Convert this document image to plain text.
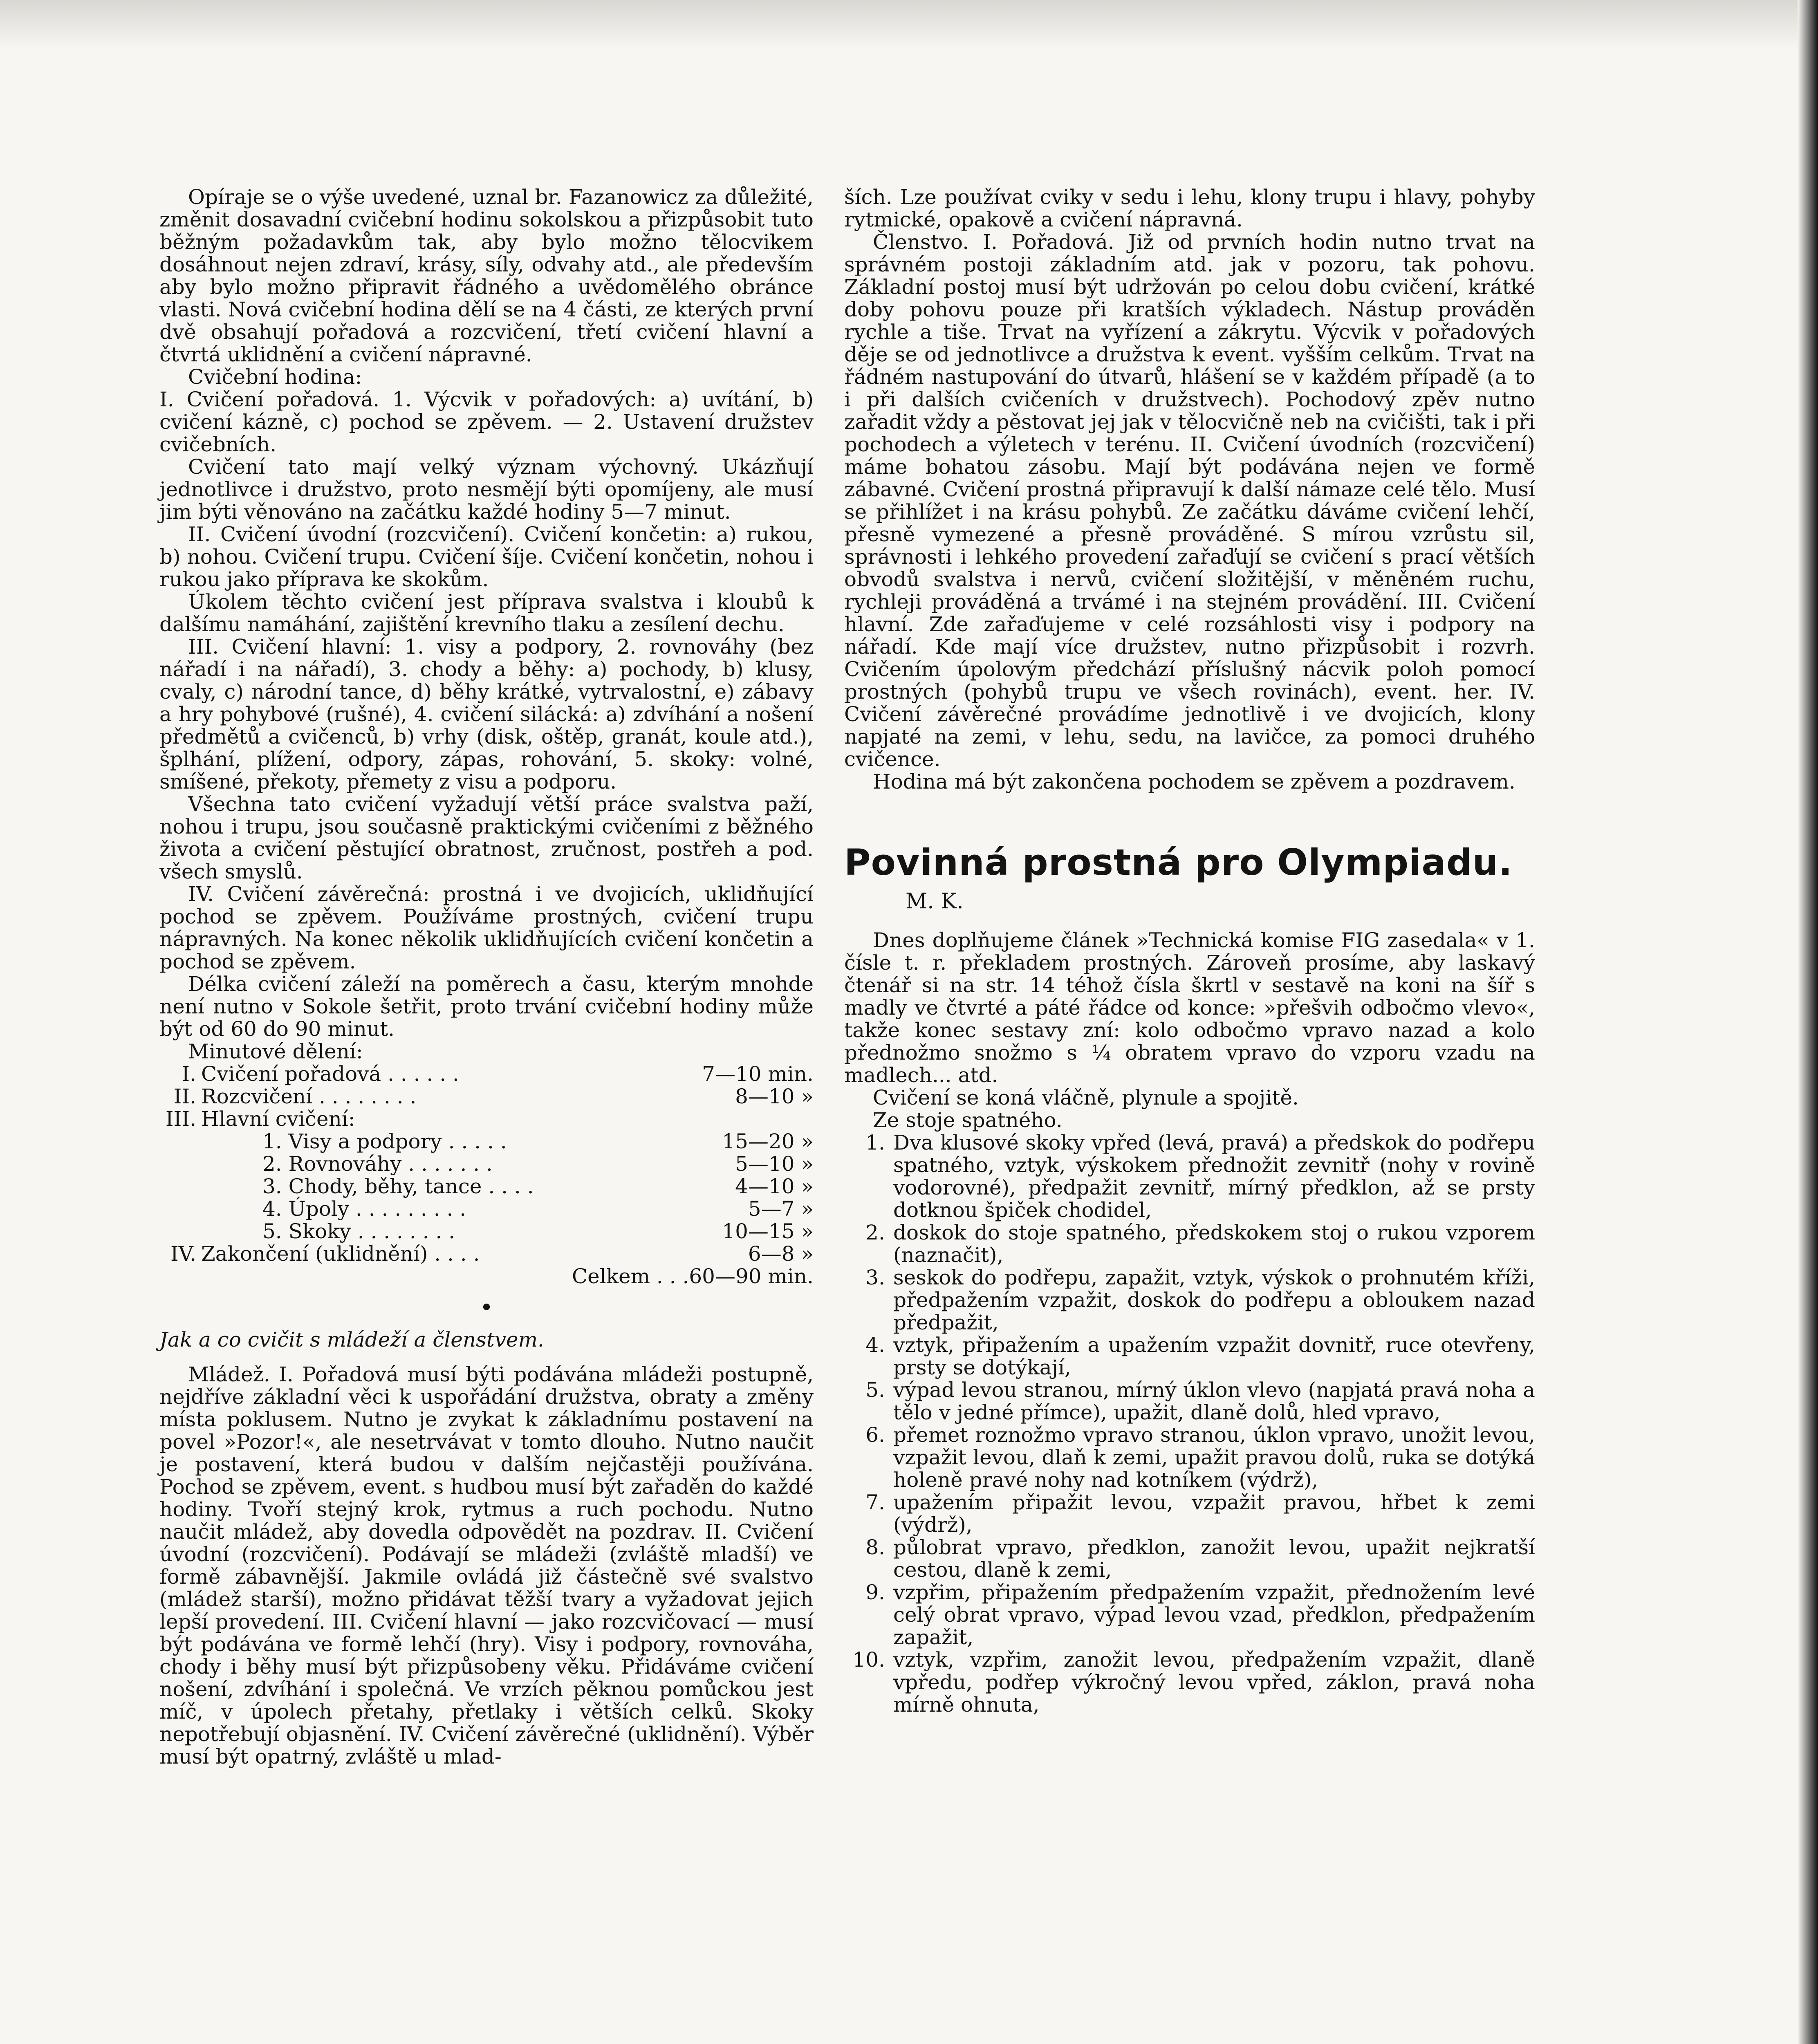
Opíraje se o výše uvedené, uznal br. Fazanowicz za důležité, změnit dosavadní cvičební hodinu sokolskou a přizpůsobit tuto běžným požadavkům tak, aby bylo možno tělocvikem dosáhnout nejen zdraví, krásy, síly, odvahy atd., ale především aby bylo možno připravit řádného a uvědomělého obránce vlasti. Nová cvičební hodina dělí se na 4 části, ze kterých první dvě obsahují pořadová a rozcvičení, třetí cvičení hlavní a čtvrtá uklidnění a cvičení nápravné.

Cvičební hodina:

I. Cvičení pořadová. 1. Výcvik v pořadových: a) uvítání, b) cvičení kázně, c) pochod se zpěvem. — 2. Ustavení družstev cvičebních.

Cvičení tato mají velký význam výchovný. Ukázňují jednotlivce i družstvo, proto nesmějí býti opomíjeny, ale musí jim býti věnováno na začátku každé hodiny 5—7 minut.

II. Cvičení úvodní (rozcvičení). Cvičení končetin: a) rukou, b) nohou. Cvičení trupu. Cvičení šíje. Cvičení končetin, nohou i rukou jako příprava ke skokům.

Úkolem těchto cvičení jest příprava svalstva i kloubů k dalšímu namáhání, zajištění krevního tlaku a zesílení dechu.

III. Cvičení hlavní: 1. visy a podpory, 2. rovnováhy (bez nářadí i na nářadí), 3. chody a běhy: a) pochody, b) klusy, cvaly, c) národní tance, d) běhy krátké, vytrvalostní, e) zábavy a hry pohybové (rušné), 4. cvičení silácká: a) zdvíhání a nošení předmětů a cvičenců, b) vrhy (disk, oštěp, granát, koule atd.), šplhání, plížení, odpory, zápas, rohování, 5. skoky: volné, smíšené, překoty, přemety z visu a podporu.

Všechna tato cvičení vyžadují větší práce svalstva paží, nohou i trupu, jsou současně praktickými cvičeními z běžného života a cvičení pěstující obratnost, zručnost, postřeh a pod. všech smyslů.

IV. Cvičení závěrečná: prostná i ve dvojicích, uklidňující pochod se zpěvem. Používáme prostných, cvičení trupu nápravných. Na konec několik uklidňujících cvičení končetin a pochod se zpěvem.

Délka cvičení záleží na poměrech a času, kterým mnohde není nutno v Sokole šetřit, proto trvání cvičební hodiny může být od 60 do 90 minut.

Minutové dělení:

I.	Cvičení pořadová . . . . . .	7—10 min.
II.	Rozcvičení . . . . . . . .	8—10 »
III.	Hlavní cvičení:	
	1. Visy a podpory . . . . .	15—20 »
	2. Rovnováhy . . . . . . .	5—10 »
	3. Chody, běhy, tance . . . .	4—10 »
	4. Úpoly . . . . . . . . .	5—7 »
	5. Skoky . . . . . . . .	10—15 »
IV.	Zakončení (uklidnění) . . . .	6—8 »
	Celkem . . .	60—90 min.
•

Jak a co cvičit s mládeží a členstvem.

Mládež. I. Pořadová musí býti podávána mládeži postupně, nejdříve základní věci k uspořádání družstva, obraty a změny místa poklusem. Nutno je zvykat k základnímu postavení na povel »Pozor!«, ale nesetrvávat v tomto dlouho. Nutno naučit je postavení, která budou v dalším nejčastěji používána. Pochod se zpěvem, event. s hudbou musí být zařaděn do každé hodiny. Tvoří stejný krok, rytmus a ruch pochodu. Nutno naučit mládež, aby dovedla odpovědět na pozdrav. II. Cvičení úvodní (rozcvičení). Podávají se mládeži (zvláště mladší) ve formě zábavnější. Jakmile ovládá již částečně své svalstvo (mládež starší), možno přidávat těžší tvary a vyžadovat jejich lepší provedení. III. Cvičení hlavní — jako rozcvičovací — musí být podávána ve formě lehčí (hry). Visy i podpory, rovnováha, chody i běhy musí být přizpůsobeny věku. Přidáváme cvičení nošení, zdvíhání i společná. Ve vrzích pěknou pomůckou jest míč, v úpolech přetahy, přetlaky i větších celků. Skoky nepotřebují objasnění. IV. Cvičení závěrečné (uklidnění). Výběr musí být opatrný, zvláště u mlad-

ších. Lze používat cviky v sedu i lehu, klony trupu i hlavy, pohyby rytmické, opakově a cvičení nápravná.

Členstvo. I. Pořadová. Již od prvních hodin nutno trvat na správném postoji základním atd. jak v pozoru, tak pohovu. Základní postoj musí být udržován po celou dobu cvičení, krátké doby pohovu pouze při kratších výkladech. Nástup prováděn rychle a tiše. Trvat na vyřízení a zákrytu. Výcvik v pořadových děje se od jednotlivce a družstva k event. vyšším celkům. Trvat na řádném nastupování do útvarů, hlášení se v každém případě (a to i při dalších cvičeních v družstvech). Pochodový zpěv nutno zařadit vždy a pěstovat jej jak v tělocvičně neb na cvičišti, tak i při pochodech a výletech v terénu. II. Cvičení úvodních (rozcvičení) máme bohatou zásobu. Mají být podávána nejen ve formě zábavné. Cvičení prostná připravují k další námaze celé tělo. Musí se přihlížet i na krásu pohybů. Ze začátku dáváme cvičení lehčí, přesně vymezené a přesně prováděné. S mírou vzrůstu sil, správnosti i lehkého provedení zařaďují se cvičení s prací větších obvodů svalstva i nervů, cvičení složitější, v měněném ruchu, rychleji prováděná a trvámé i na stejném provádění. III. Cvičení hlavní. Zde zařaďujeme v celé rozsáhlosti visy i podpory na nářadí. Kde mají více družstev, nutno přizpůsobit i rozvrh. Cvičením úpolovým předchází příslušný nácvik poloh pomocí prostných (pohybů trupu ve všech rovinách), event. her. IV. Cvičení závěrečné provádíme jednotlivě i ve dvojicích, klony napjaté na zemi, v lehu, sedu, na lavičce, za pomoci druhého cvičence.

Hodina má být zakončena pochodem se zpěvem a pozdravem.

Povinná prostná pro Olympiadu.

M. K.

Dnes doplňujeme článek »Technická komise FIG zasedala« v 1. čísle t. r. překladem prostných. Zároveň prosíme, aby laskavý čtenář si na str. 14 téhož čísla škrtl v sestavě na koni na šíř s madly ve čtvrté a páté řádce od konce: »přešvih odbočmo vlevo«, takže konec sestavy zní: kolo odbočmo vpravo nazad a kolo přednožmo snožmo s ¼ obratem vpravo do vzporu vzadu na madlech... atd.

Cvičení se koná vláčně, plynule a spojitě.

Ze stoje spatného.

1. Dva klusové skoky vpřed (levá, pravá) a předskok do podřepu spatného, vztyk, výskokem přednožit zevnitř (nohy v rovině vodorovné), předpažit zevnitř, mírný předklon, až se prsty dotknou špiček chodidel,
2. doskok do stoje spatného, předskokem stoj o rukou vzporem (naznačit),
3. seskok do podřepu, zapažit, vztyk, výskok o prohnutém kříži, předpažením vzpažit, doskok do podřepu a obloukem nazad předpažit,
4. vztyk, připažením a upažením vzpažit dovnitř, ruce otevřeny, prsty se dotýkají,
5. výpad levou stranou, mírný úklon vlevo (napjatá pravá noha a tělo v jedné přímce), upažit, dlaně dolů, hled vpravo,
6. přemet roznožmo vpravo stranou, úklon vpravo, unožit levou, vzpažit levou, dlaň k zemi, upažit pravou dolů, ruka se dotýká holeně pravé nohy nad kotníkem (výdrž),
7. upažením připažit levou, vzpažit pravou, hřbet k zemi (výdrž),
8. půlobrat vpravo, předklon, zanožit levou, upažit nejkratší cestou, dlaně k zemi,
9. vzpřim, připažením předpažením vzpažit, přednožením levé celý obrat vpravo, výpad levou vzad, předklon, předpažením zapažit,
10. vztyk, vzpřim, zanožit levou, předpažením vzpažit, dlaně vpředu, podřep výkročný levou vpřed, záklon, pravá noha mírně ohnuta,
